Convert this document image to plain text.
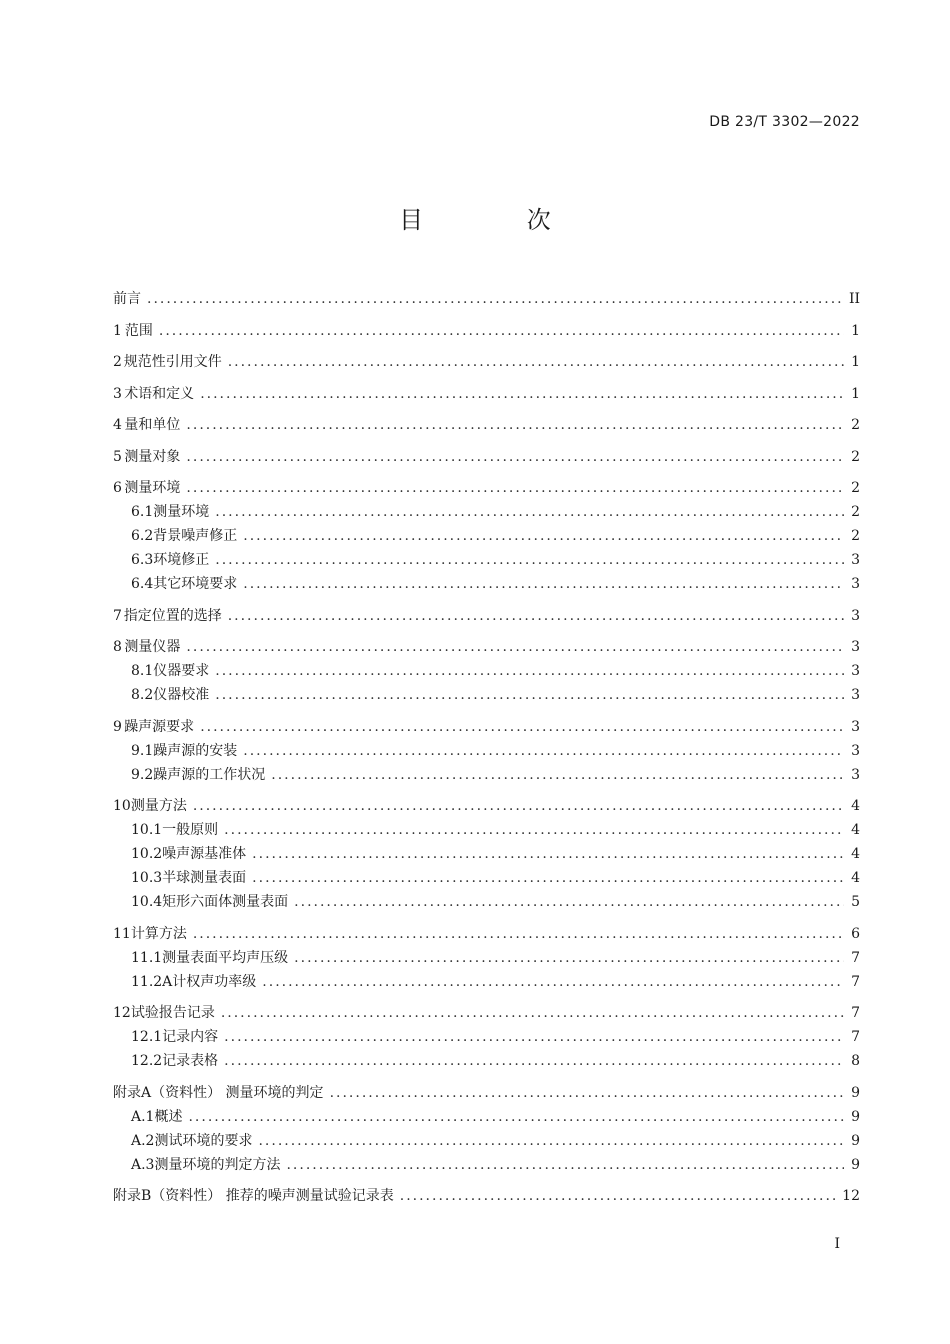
DB 23/T 3302—2022
目 次
前言 .....	II
1 范围 .....	1
2 规范性引用文件 .....	1
3 术语和定义 .....	1
4 量和单位 .....	2
5 测量对象 .....	2
6 测量环境 .....	2
6.1 测量环境 .....	2
6.2 背景噪声修正 .....	2
6.3 环境修正 .....	3
6.4 其它环境要求 .....	3
7 指定位置的选择 .....	3
8 测量仪器 .....	3
8.1 仪器要求 .....	3
8.2 仪器校准 .....	3
9 躁声源要求 .....	3
9.1 躁声源的安装 .....	3
9.2 躁声源的工作状况 .....	3
10 测量方法 .....	4
10.1 一般原则 .....	4
10.2 噪声源基准体 .....	4
10.3 半球测量表面 .....	4
10.4 矩形六面体测量表面 .....	5
11 计算方法 .....	6
11.1 测量表面平均声压级 .....	7
11.2 A计权声功率级 .....	7
12 试验报告记录 .....	7
12.1 记录内容 .....	7
12.2 记录表格 .....	8
附录A（资料性） 测量环境的判定 .....	9
A.1 概述 .....	9
A.2 测试环境的要求 .....	9
A.3 测量环境的判定方法 .....	9
附录B（资料性） 推荐的噪声测量试验记录表 .....	12
I
